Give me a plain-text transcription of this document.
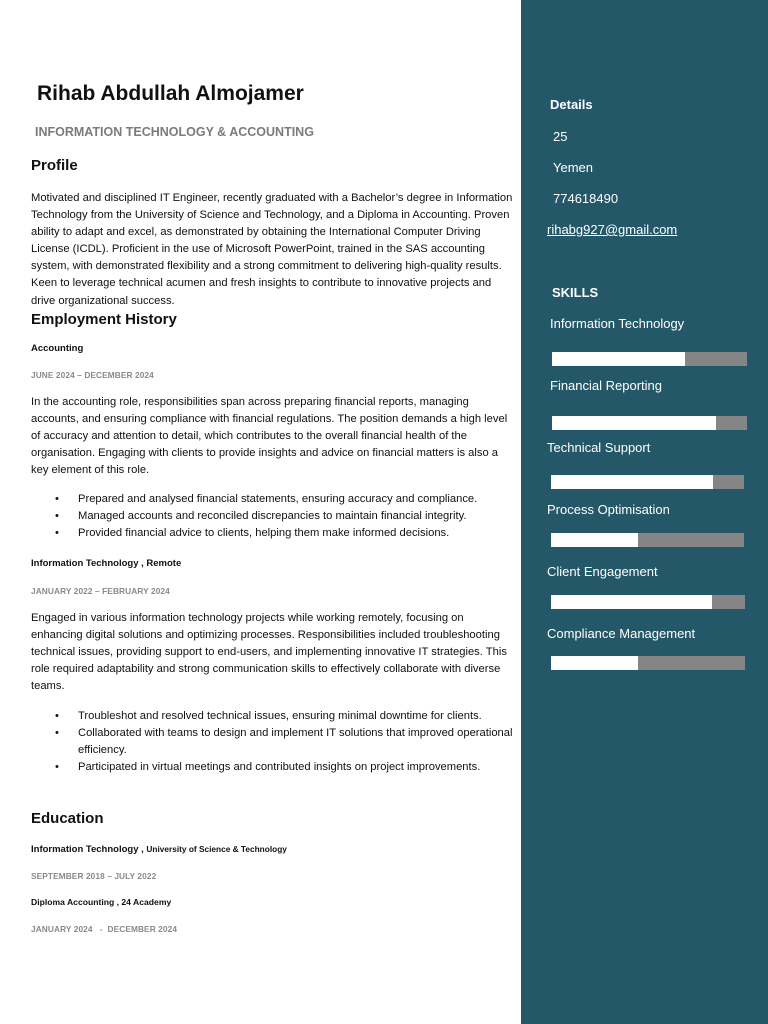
Rihab Abdullah Almojamer
INFORMATION TECHNOLOGY & ACCOUNTING
Profile

Motivated and disciplined IT Engineer, recently graduated with a Bachelor’s degree in Information Technology from the University of Science and Technology, and a Diploma in Accounting. Proven ability to adapt and excel, as demonstrated by obtaining the International Computer Driving License (ICDL). Proficient in the use of Microsoft PowerPoint, trained in the SAS accounting system, with demonstrated flexibility and a strong commitment to delivering high-quality results. Keen to leverage technical acumen and fresh insights to contribute to innovative projects and drive organizational success.

Employment History
Accounting
JUNE 2024 – DECEMBER 2024

In the accounting role, responsibilities span across preparing financial reports, managing accounts, and ensuring compliance with financial regulations. The position demands a high level of accuracy and attention to detail, which contributes to the overall financial health of the organisation. Engaging with clients to provide insights and advice on financial matters is also a key element of this role.

• Prepared and analysed financial statements, ensuring accuracy and compliance.
• Managed accounts and reconciled discrepancies to maintain financial integrity.
• Provided financial advice to clients, helping them make informed decisions.
Information Technology , Remote
JANUARY 2022 – FEBRUARY 2024

Engaged in various information technology projects while working remotely, focusing on enhancing digital solutions and optimizing processes. Responsibilities included troubleshooting technical issues, providing support to end-users, and implementing innovative IT strategies. This role required adaptability and strong communication skills to effectively collaborate with diverse teams.

• Troubleshot and resolved technical issues, ensuring minimal downtime for clients.
• Collaborated with teams to design and implement IT solutions that improved operational efficiency.
• Participated in virtual meetings and contributed insights on project improvements.
Education
Information Technology , University of Science & Technology
SEPTEMBER 2018 – JULY 2022
Diploma Accounting , 24 Academy
JANUARY 2024   -  DECEMBER 2024
Details
25
Yemen
774618490
rihabg927@gmail.com
SKILLS
Information Technology
Financial Reporting
Technical Support
Process Optimisation
Client Engagement
Compliance Management
